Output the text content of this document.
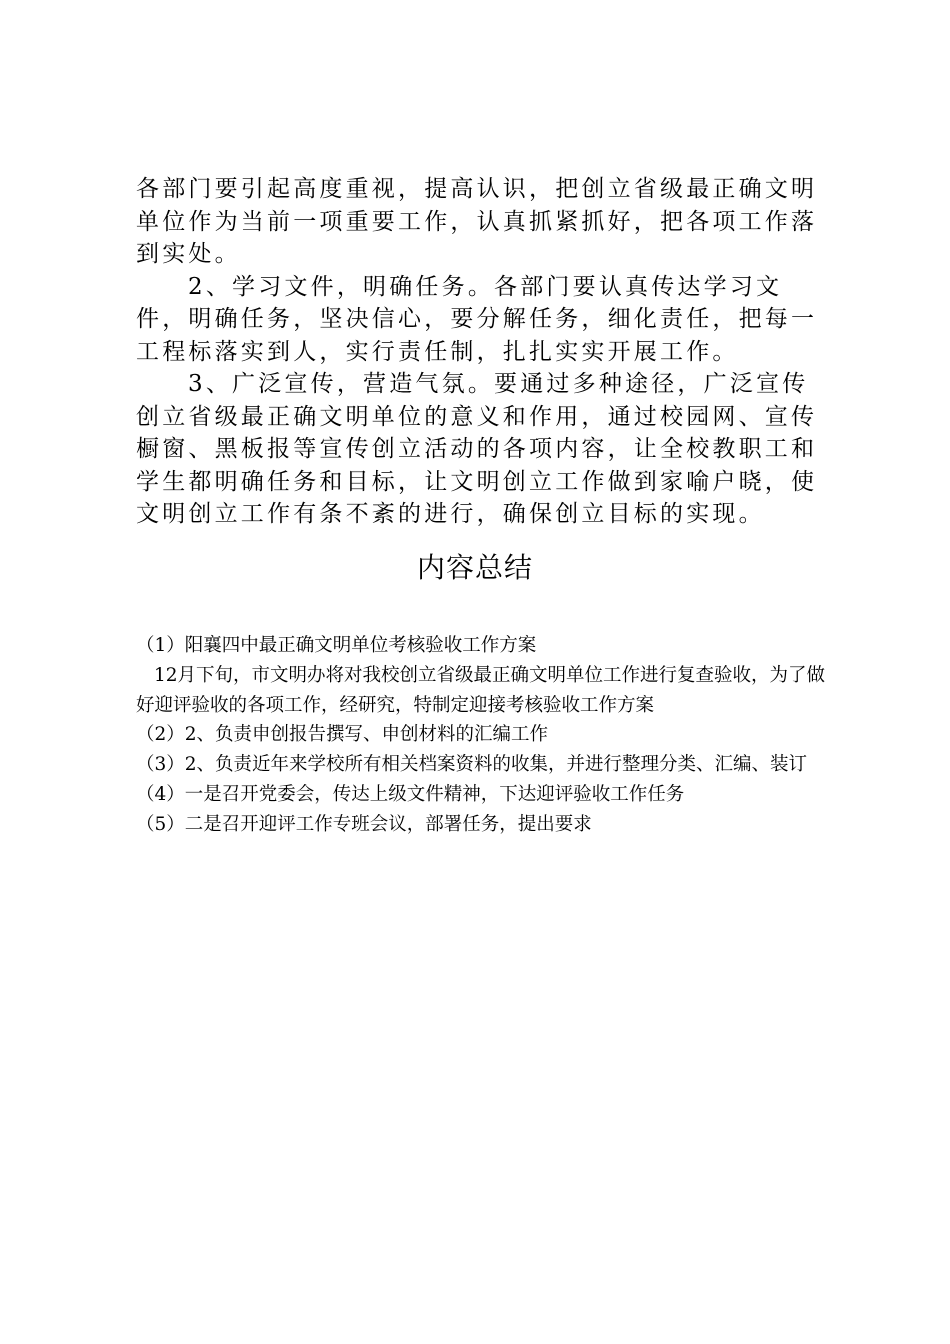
各部门要引起高度重视，提高认识，把创立省级最正确文明单位作为当前一项重要工作，认真抓紧抓好，把各项工作落到实处。

2、学习文件，明确任务。各部门要认真传达学习文件，明确任务，坚决信心，要分解任务，细化责任，把每一工程标落实到人，实行责任制，扎扎实实开展工作。

3、广泛宣传，营造气氛。要通过多种途径，广泛宣传创立省级最正确文明单位的意义和作用，通过校园网、宣传橱窗、黑板报等宣传创立活动的各项内容，让全校教职工和学生都明确任务和目标，让文明创立工作做到家喻户晓，使文明创立工作有条不紊的进行，确保创立目标的实现。

内容总结

（1）阳襄四中最正确文明单位考核验收工作方案

12月下旬，市文明办将对我校创立省级最正确文明单位工作进行复查验收，为了做好迎评验收的各项工作，经研究，特制定迎接考核验收工作方案

（2）2、负责申创报告撰写、申创材料的汇编工作

（3）2、负责近年来学校所有相关档案资料的收集，并进行整理分类、汇编、装订

（4）一是召开党委会，传达上级文件精神，下达迎评验收工作任务

（5）二是召开迎评工作专班会议，部署任务，提出要求
